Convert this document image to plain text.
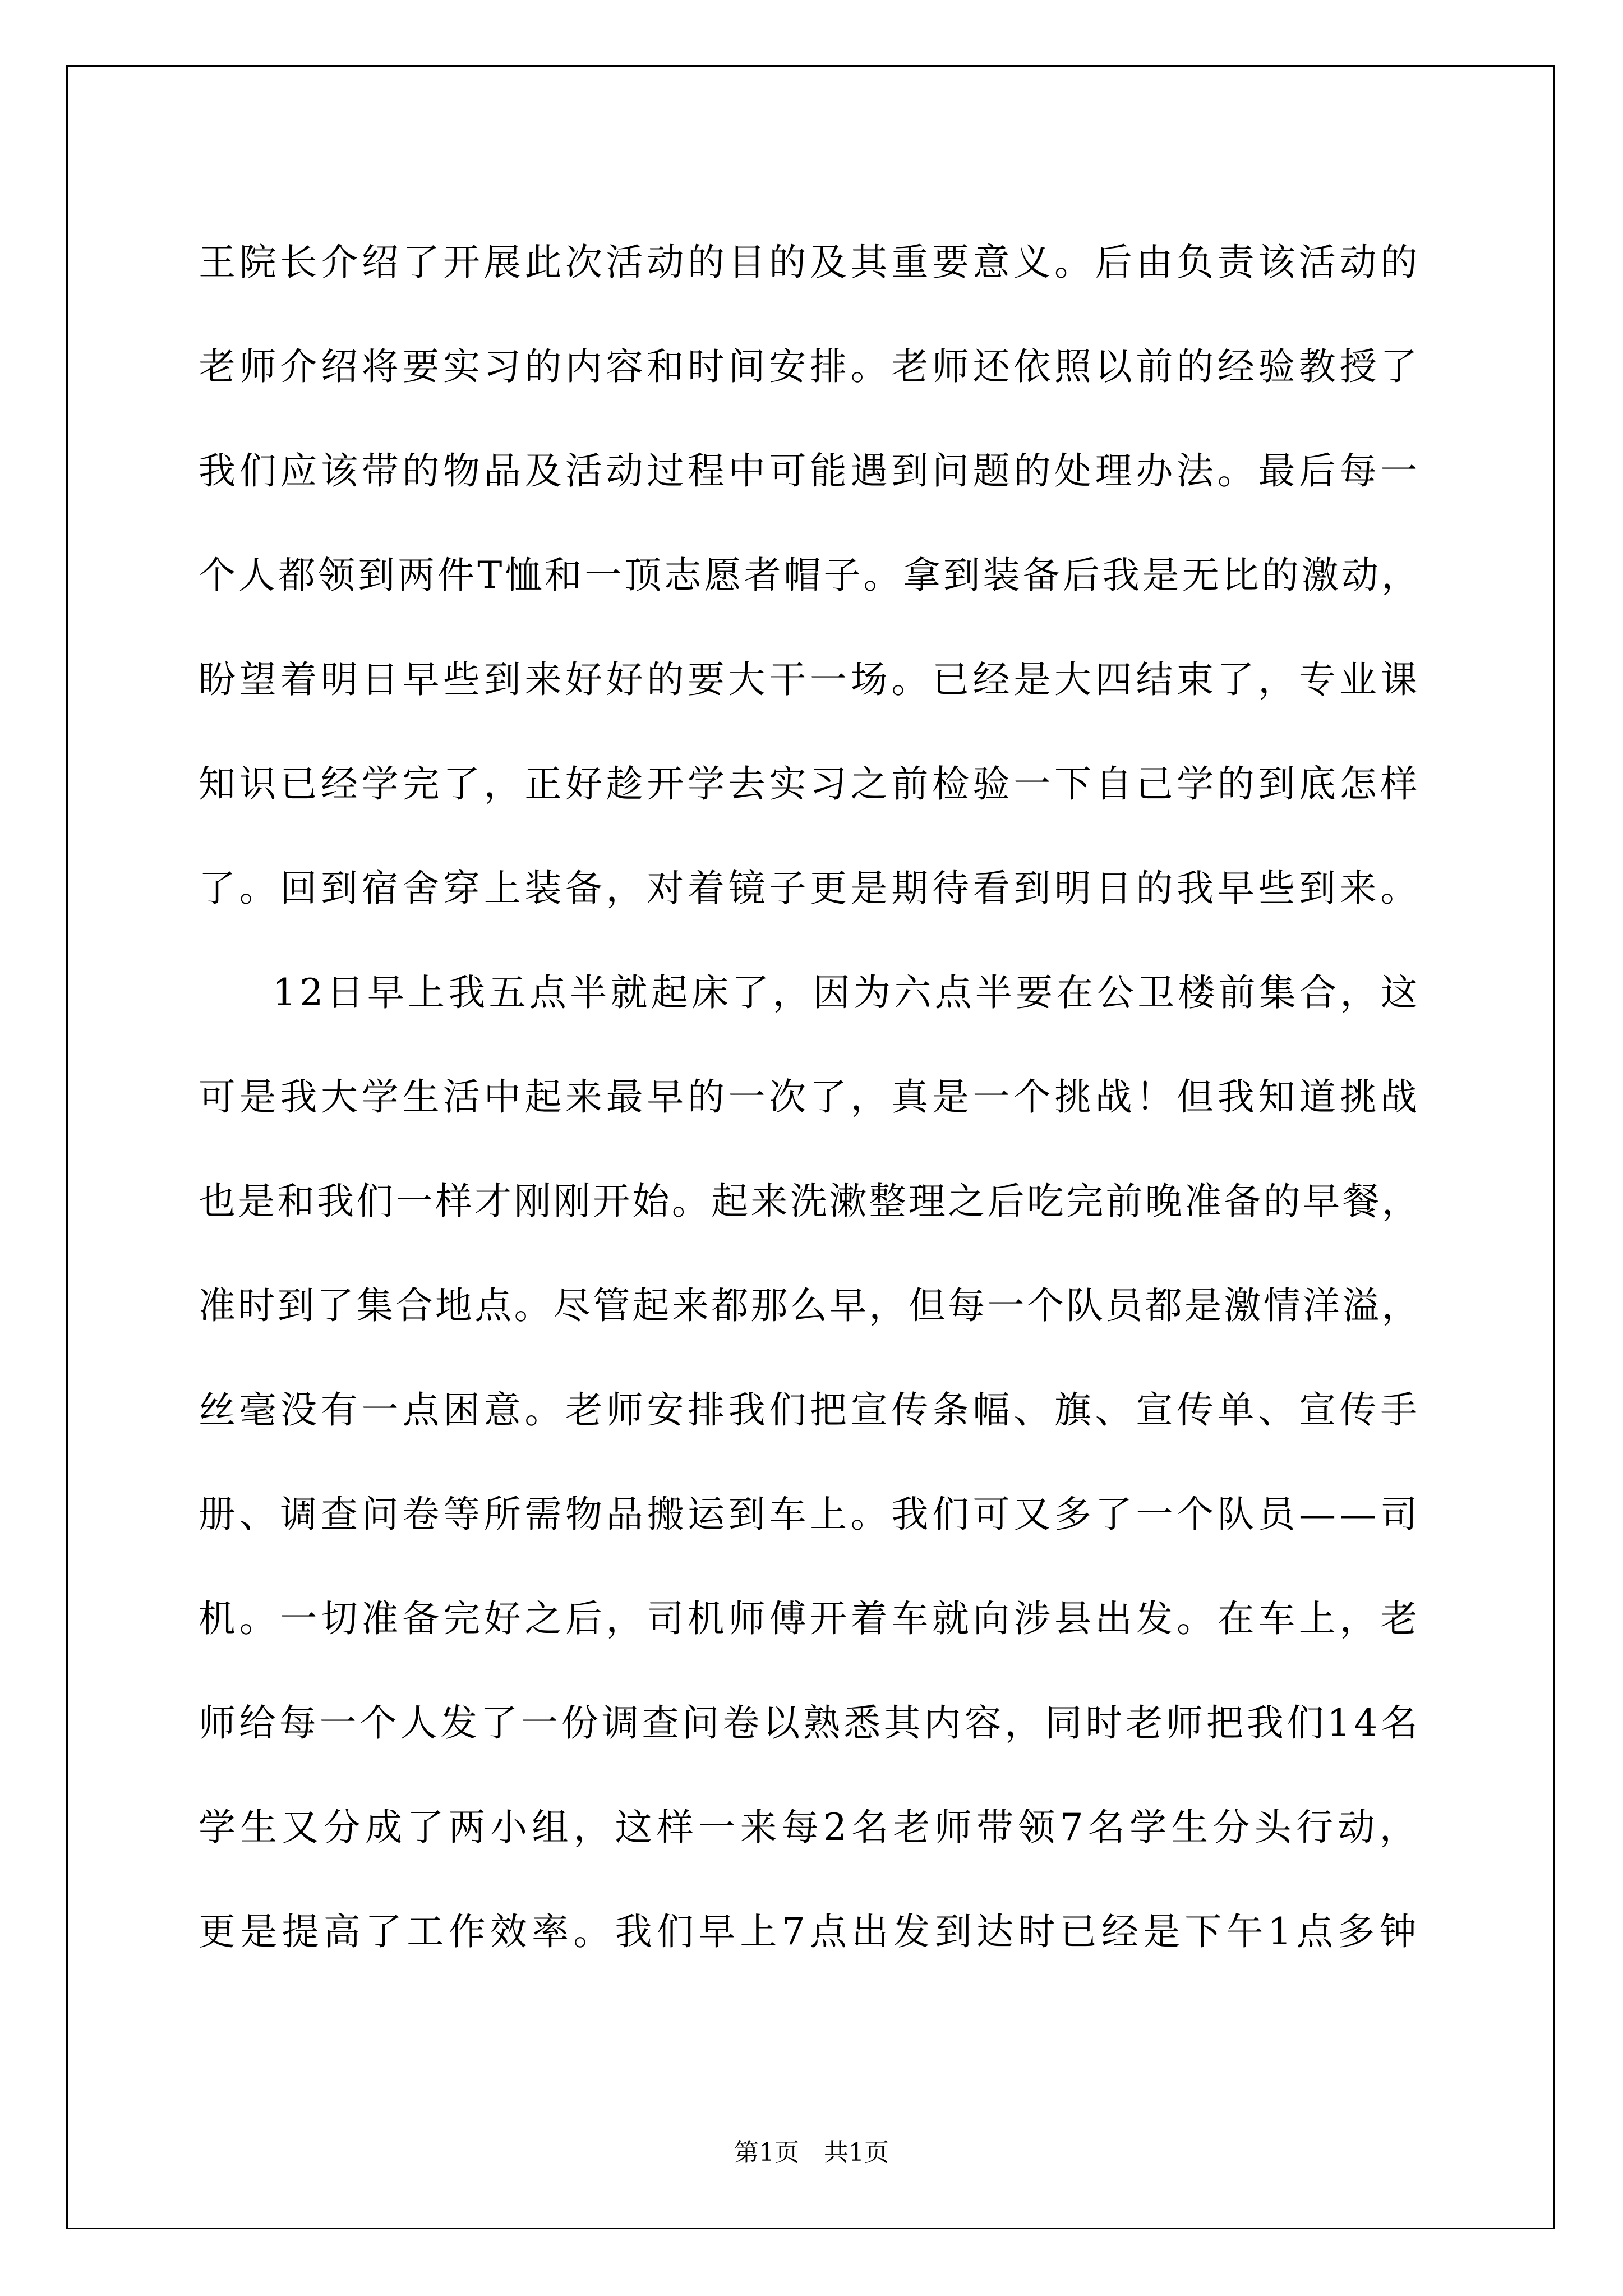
王院长介绍了开展此次活动的目的及其重要意义。后由负责该活动的
老师介绍将要实习的内容和时间安排。老师还依照以前的经验教授了
我们应该带的物品及活动过程中可能遇到问题的处理办法。最后每一
个人都领到两件T恤和一顶志愿者帽子。拿到装备后我是无比的激动，
盼望着明日早些到来好好的要大干一场。已经是大四结束了，专业课
知识已经学完了，正好趁开学去实习之前检验一下自己学的到底怎样
了。回到宿舍穿上装备，对着镜子更是期待看到明日的我早些到来。
12日早上我五点半就起床了，因为六点半要在公卫楼前集合，这
可是我大学生活中起来最早的一次了，真是一个挑战！但我知道挑战
也是和我们一样才刚刚开始。起来洗漱整理之后吃完前晚准备的早餐，
准时到了集合地点。尽管起来都那么早，但每一个队员都是激情洋溢，
丝毫没有一点困意。老师安排我们把宣传条幅、旗、宣传单、宣传手
册、调查问卷等所需物品搬运到车上。我们可又多了一个队员——司
机。一切准备完好之后，司机师傅开着车就向涉县出发。在车上，老
师给每一个人发了一份调查问卷以熟悉其内容，同时老师把我们14名
学生又分成了两小组，这样一来每2名老师带领7名学生分头行动，
更是提高了工作效率。我们早上7点出发到达时已经是下午1点多钟
第1页　共1页
